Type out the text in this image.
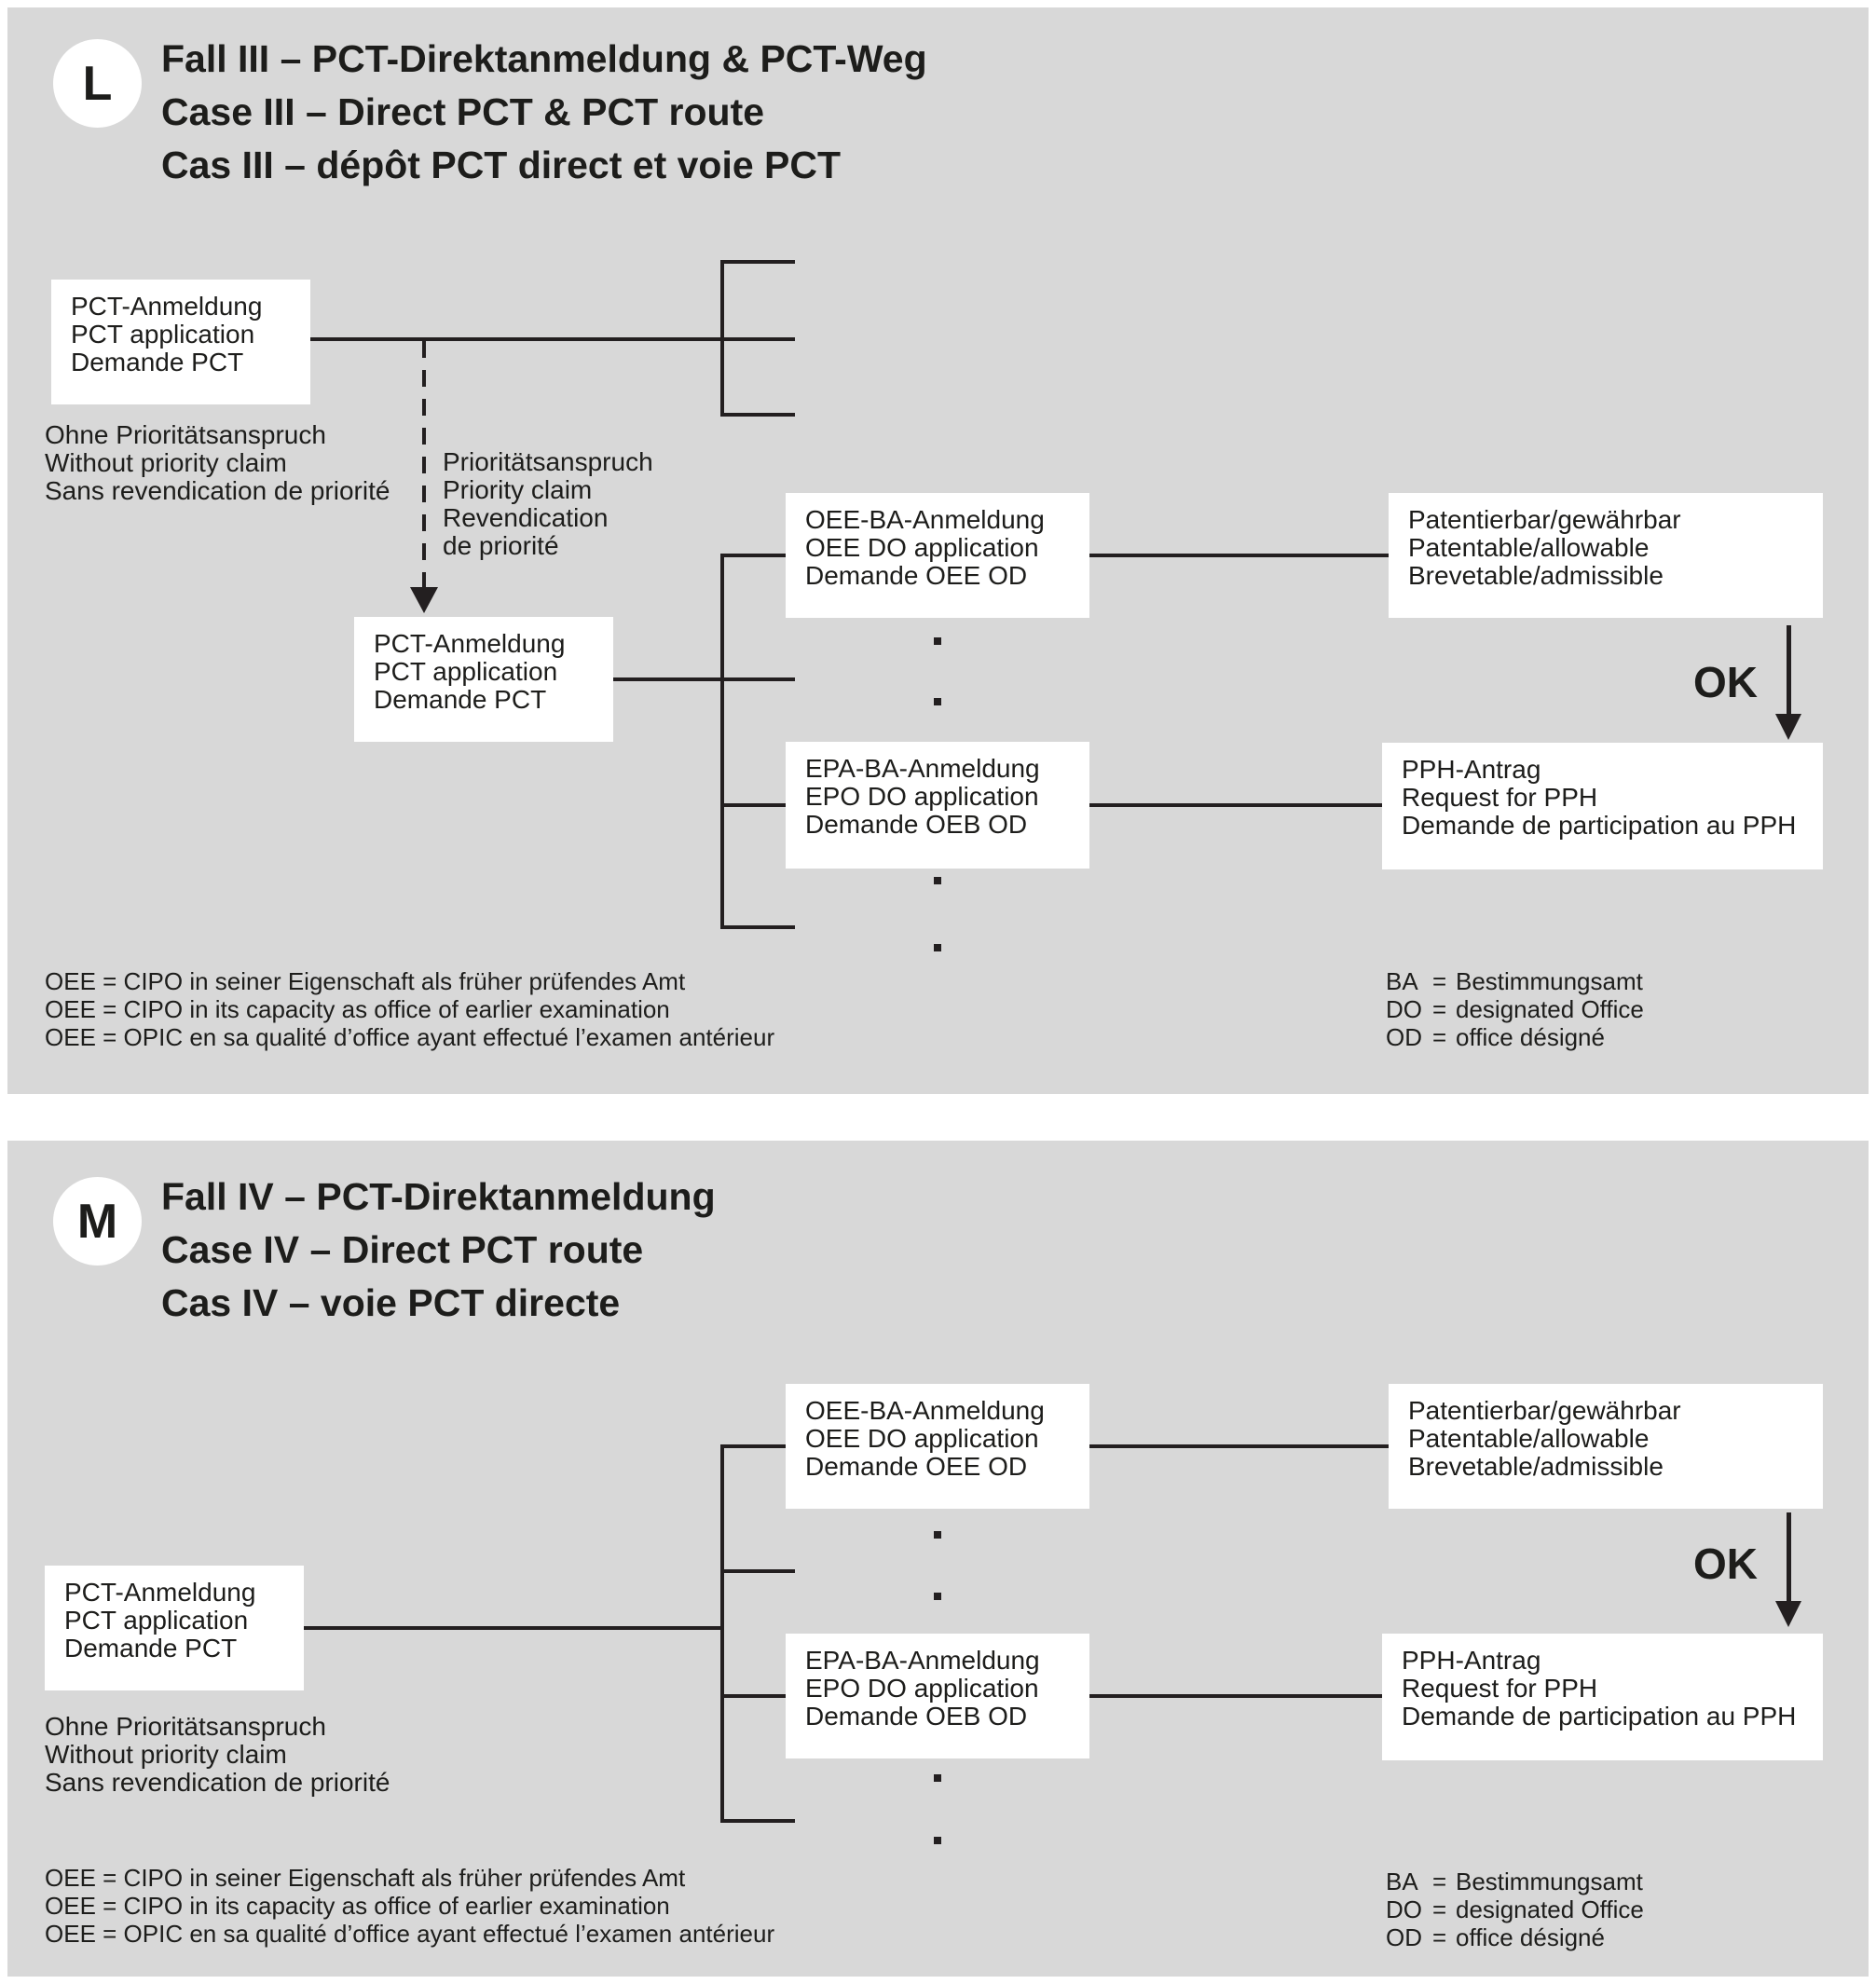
L Fall III – PCT-Direktanmeldung & PCT-Weg
Case III – Direct PCT & PCT route
Cas III – dépôt PCT direct et voie PCT
PCT-Anmeldung
PCT application
Demande PCT
Ohne Prioritätsanspruch
Without priority claim
Sans revendication de priorité
Prioritätsanspruch
Priority claim
Revendication
de priorité
PCT-Anmeldung
PCT application
Demande PCT
OEE-BA-Anmeldung
OEE DO application
Demande OEE OD
EPA-BA-Anmeldung
EPO DO application
Demande OEB OD
Patentierbar/gewährbar
Patentable/allowable
Brevetable/admissible
OK
PPH-Antrag
Request for PPH
Demande de participation au PPH
OEE = CIPO in seiner Eigenschaft als früher prüfendes Amt
OEE = CIPO in its capacity as office of earlier examination
OEE = OPIC en sa qualité d’office ayant effectué l’examen antérieur
BA = Bestimmungsamt
DO = designated Office
OD = office désigné
M Fall IV – PCT-Direktanmeldung
Case IV – Direct PCT route
Cas IV – voie PCT directe
OEE-BA-Anmeldung
OEE DO application
Demande OEE OD
PCT-Anmeldung
PCT application
Demande PCT
Ohne Prioritätsanspruch
Without priority claim
Sans revendication de priorité
EPA-BA-Anmeldung
EPO DO application
Demande OEB OD
Patentierbar/gewährbar
Patentable/allowable
Brevetable/admissible
OK
PPH-Antrag
Request for PPH
Demande de participation au PPH
OEE = CIPO in seiner Eigenschaft als früher prüfendes Amt
OEE = CIPO in its capacity as office of earlier examination
OEE = OPIC en sa qualité d’office ayant effectué l’examen antérieur
BA = Bestimmungsamt
DO = designated Office
OD = office désigné
